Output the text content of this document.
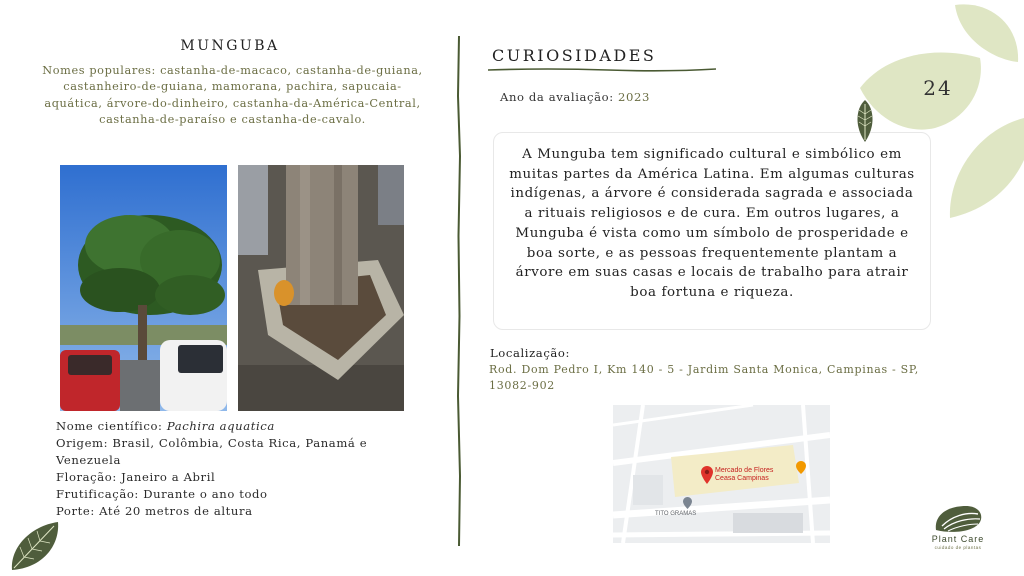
MUNGUBA
Nomes populares: castanha-de-macaco, castanha-de-guiana, castanheiro-de-guiana, mamorana, pachira, sapucaia-aquática, árvore-do-dinheiro, castanha-da-América-Central, castanha-de-paraíso e castanha-de-cavalo.
Nome científico: Pachira aquatica
Origem: Brasil, Colômbia, Costa Rica, Panamá e Venezuela
Floração: Janeiro a Abril
Frutificação: Durante o ano todo
Porte: Até 20 metros de altura
CURIOSIDADES
Ano da avaliação: 2023
A Munguba tem significado cultural e simbólico em muitas partes da América Latina. Em algumas culturas indígenas, a árvore é considerada sagrada e associada a rituais religiosos e de cura. Em outros lugares, a Munguba é vista como um símbolo de prosperidade e boa sorte, e as pessoas frequentemente plantam a árvore em suas casas e locais de trabalho para atrair boa fortuna e riqueza.
Localização:
Rod. Dom Pedro I, Km 140 - 5 - Jardim Santa Monica, Campinas - SP, 13082-902
Mercado de Flores
Ceasa Campinas
TITO GRAMAS
24
Plant Care
cuidado de plantas
